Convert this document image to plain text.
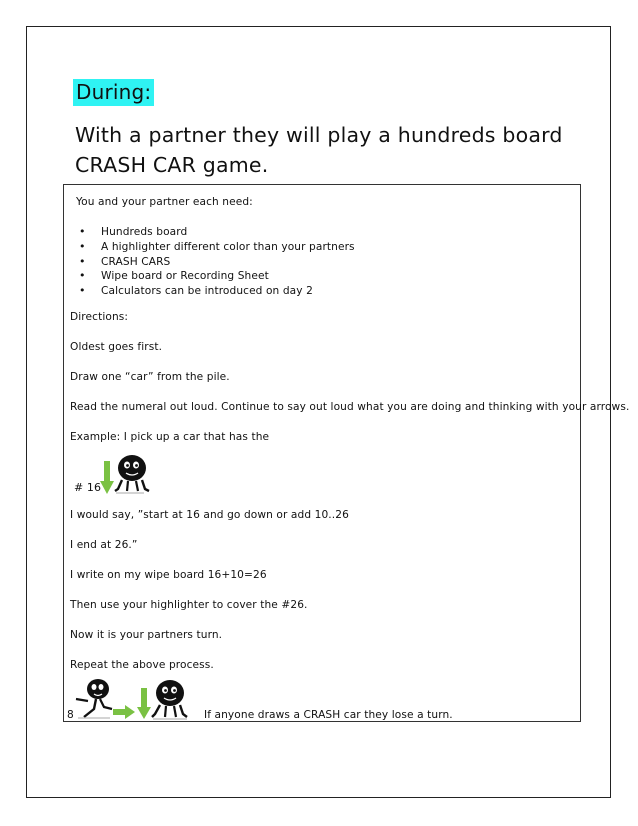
During:
With a partner they will play a hundreds board CRASH CAR game.
You and your partner each need:
• Hundreds board
• A highlighter different color than your partners
• CRASH CARS
• Wipe board or Recording Sheet
• Calculators can be introduced on day 2
Directions:
Oldest goes first.
Draw one “car” from the pile.
Read the numeral out loud. Continue to say out loud what you are doing and thinking with your arrows.
Example: I pick up a car that has the
# 16
I would say, ”start at 16 and go down or add 10..26
I end at 26.”
I write on my wipe board 16+10=26
Then use your highlighter to cover the #26.
Now it is your partners turn.
Repeat the above process.
8	If anyone draws a CRASH car they lose a turn.
